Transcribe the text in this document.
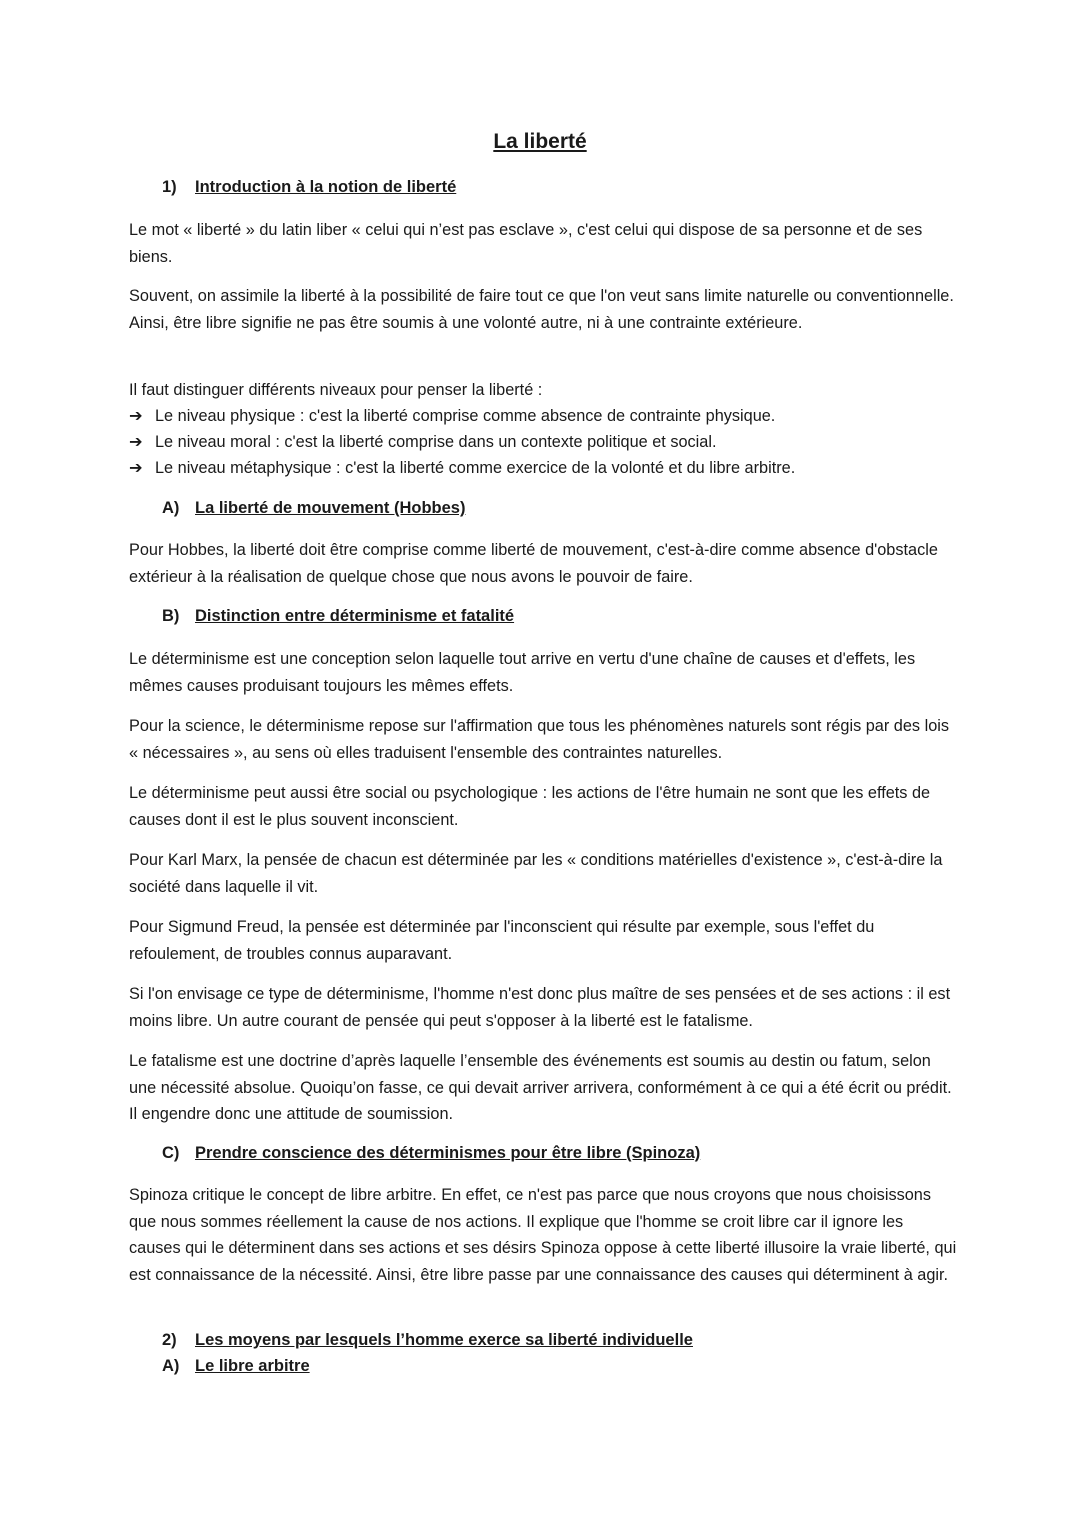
La liberté
1) Introduction à la notion de liberté

Le mot « liberté » du latin liber « celui qui n’est pas esclave », c'est celui qui dispose de sa personne et de ses biens.

Souvent, on assimile la liberté à la possibilité de faire tout ce que l'on veut sans limite naturelle ou conventionnelle. Ainsi, être libre signifie ne pas être soumis à une volonté autre, ni à une contrainte extérieure.

Il faut distinguer différents niveaux pour penser la liberté :
➔ Le niveau physique : c'est la liberté comprise comme absence de contrainte physique.
➔ Le niveau moral : c'est la liberté comprise dans un contexte politique et social.
➔ Le niveau métaphysique : c'est la liberté comme exercice de la volonté et du libre arbitre.
A) La liberté de mouvement (Hobbes)

Pour Hobbes, la liberté doit être comprise comme liberté de mouvement, c'est-à-dire comme absence d'obstacle extérieur à la réalisation de quelque chose que nous avons le pouvoir de faire.

B) Distinction entre déterminisme et fatalité

Le déterminisme est une conception selon laquelle tout arrive en vertu d'une chaîne de causes et d'effets, les mêmes causes produisant toujours les mêmes effets.

Pour la science, le déterminisme repose sur l'affirmation que tous les phénomènes naturels sont régis par des lois « nécessaires », au sens où elles traduisent l'ensemble des contraintes naturelles.

Le déterminisme peut aussi être social ou psychologique : les actions de l'être humain ne sont que les effets de causes dont il est le plus souvent inconscient.

Pour Karl Marx, la pensée de chacun est déterminée par les « conditions matérielles d'existence », c'est-à-dire la société dans laquelle il vit.

Pour Sigmund Freud, la pensée est déterminée par l'inconscient qui résulte par exemple, sous l'effet du refoulement, de troubles connus auparavant.

Si l'on envisage ce type de déterminisme, l'homme n'est donc plus maître de ses pensées et de ses actions : il est moins libre. Un autre courant de pensée qui peut s'opposer à la liberté est le fatalisme.

Le fatalisme est une doctrine d’après laquelle l’ensemble des événements est soumis au destin ou fatum, selon une nécessité absolue. Quoiqu’on fasse, ce qui devait arriver arrivera, conformément à ce qui a été écrit ou prédit. Il engendre donc une attitude de soumission.

C) Prendre conscience des déterminismes pour être libre (Spinoza)

Spinoza critique le concept de libre arbitre. En effet, ce n'est pas parce que nous croyons que nous choisissons que nous sommes réellement la cause de nos actions. Il explique que l'homme se croit libre car il ignore les causes qui le déterminent dans ses actions et ses désirs Spinoza oppose à cette liberté illusoire la vraie liberté, qui est connaissance de la nécessité. Ainsi, être libre passe par une connaissance des causes qui déterminent à agir.

2) Les moyens par lesquels l’homme exerce sa liberté individuelle
A) Le libre arbitre
